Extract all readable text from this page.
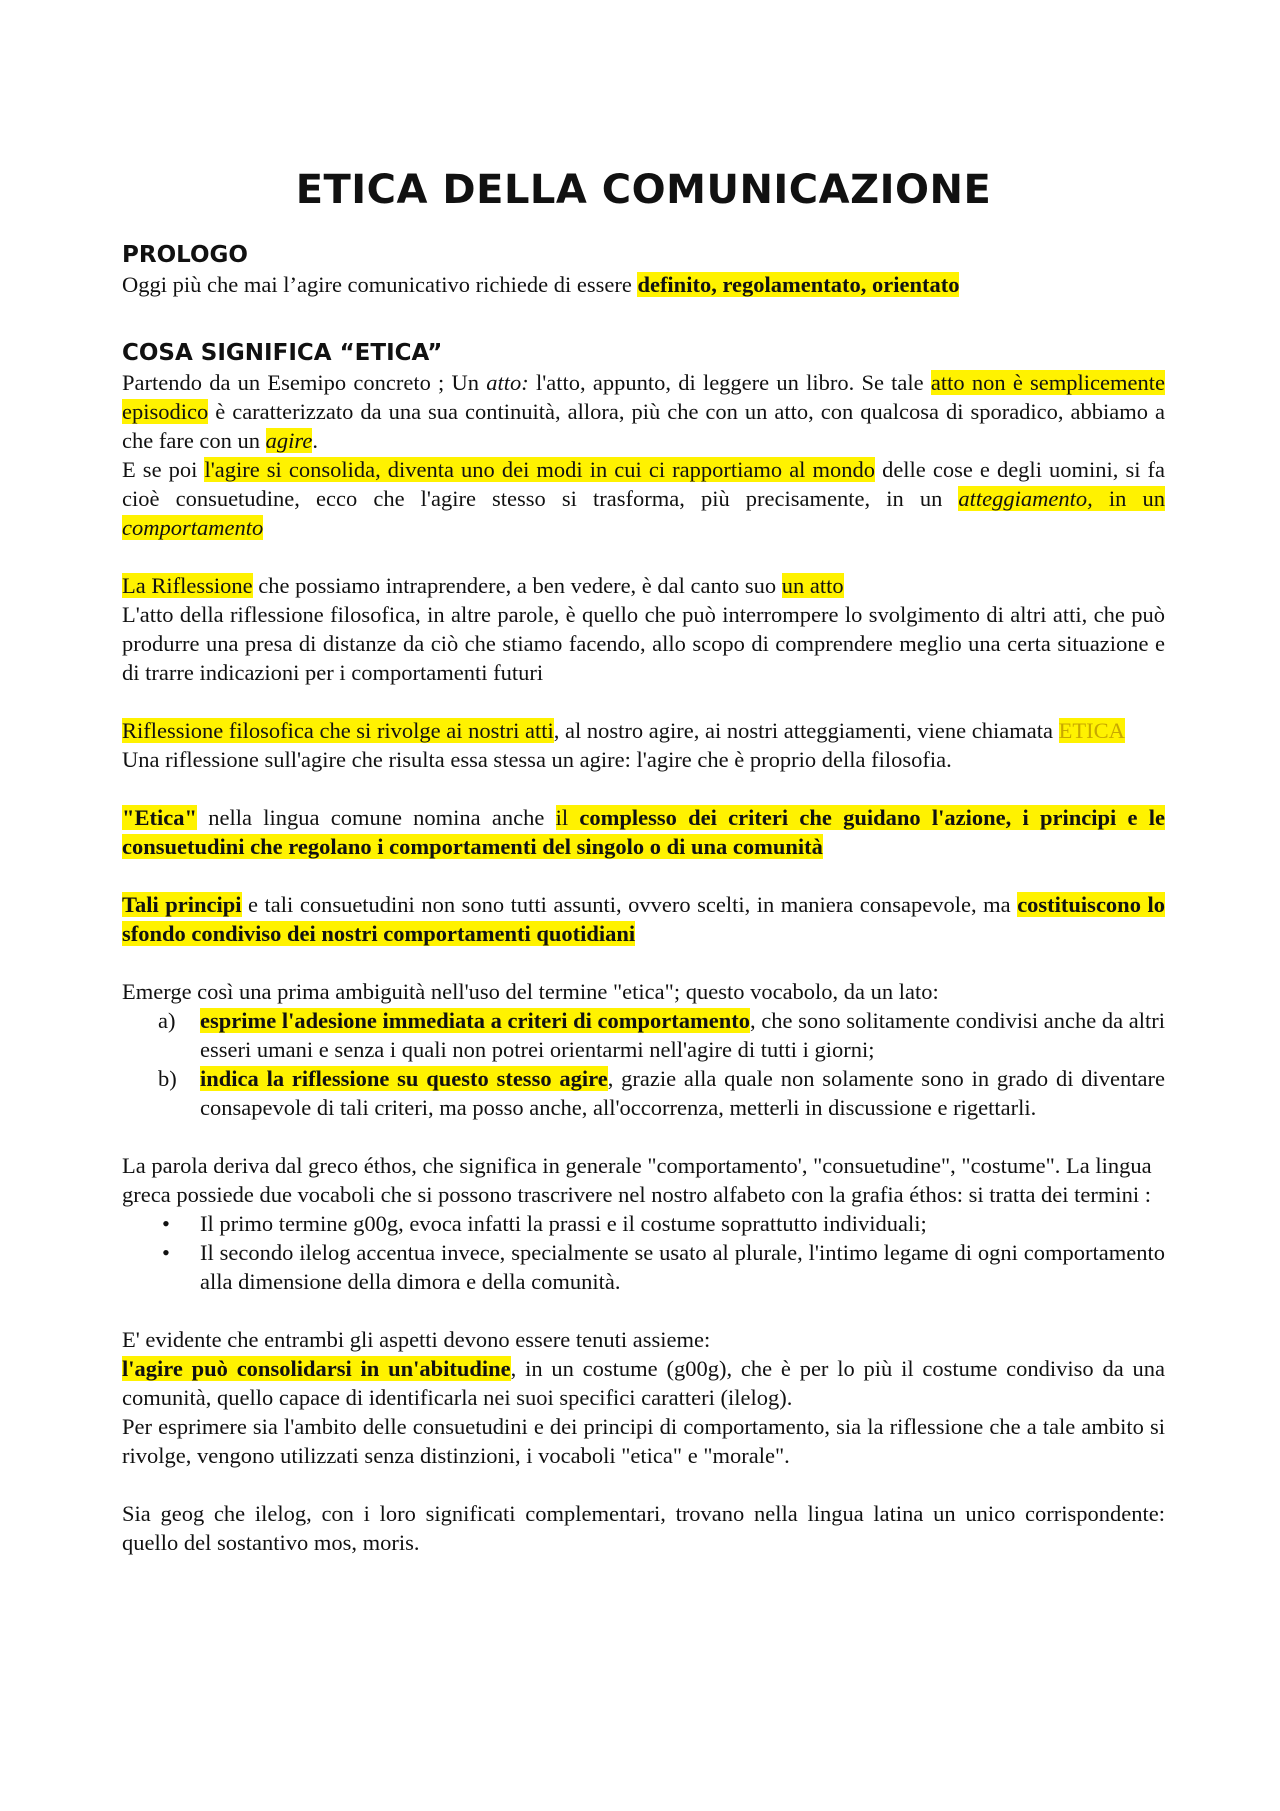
ETICA DELLA COMUNICAZIONE
PROLOGO

Oggi più che mai l’agire comunicativo richiede di essere definito, regolamentato, orientato

COSA SIGNIFICA “ETICA”

Partendo da un Esemipo concreto ; Un atto: l'atto, appunto, di leggere un libro. Se tale atto non è semplicemente episodico è caratterizzato da una sua continuità, allora, più che con un atto, con qualcosa di sporadico, abbiamo a che fare con un agire.

E se poi l'agire si consolida, diventa uno dei modi in cui ci rapportiamo al mondo delle cose e degli uomini, si fa cioè consuetudine, ecco che l'agire stesso si trasforma, più precisamente, in un atteggiamento, in un comportamento

La Riflessione che possiamo intraprendere, a ben vedere, è dal canto suo un atto

L'atto della riflessione filosofica, in altre parole, è quello che può interrompere lo svolgimento di altri atti, che può produrre una presa di distanze da ciò che stiamo facendo, allo scopo di comprendere meglio una certa situazione e di trarre indicazioni per i comportamenti futuri

Riflessione filosofica che si rivolge ai nostri atti, al nostro agire, ai nostri atteggiamenti, viene chiamata ETICA

Una riflessione sull'agire che risulta essa stessa un agire: l'agire che è proprio della filosofia.

"Etica" nella lingua comune nomina anche il complesso dei criteri che guidano l'azione, i principi e le consuetudini che regolano i comportamenti del singolo o di una comunità

Tali principi e tali consuetudini non sono tutti assunti, ovvero scelti, in maniera consapevole, ma costituiscono lo sfondo condiviso dei nostri comportamenti quotidiani

Emerge così una prima ambiguità nell'uso del termine "etica"; questo vocabolo, da un lato:

a) esprime l'adesione immediata a criteri di comportamento, che sono solitamente condivisi anche da altri esseri umani e senza i quali non potrei orientarmi nell'agire di tutti i giorni;
b) indica la riflessione su questo stesso agire, grazie alla quale non solamente sono in grado di diventare consapevole di tali criteri, ma posso anche, all'occorrenza, metterli in discussione e rigettarli.

La parola deriva dal greco éthos, che significa in generale "comportamento', "consuetudine", "costume". La lingua greca possiede due vocaboli che si possono trascrivere nel nostro alfabeto con la grafia éthos: si tratta dei termini :

• Il primo termine g00g, evoca infatti la prassi e il costume soprattutto individuali;
• Il secondo ilelog accentua invece, specialmente se usato al plurale, l'intimo legame di ogni comportamento alla dimensione della dimora e della comunità.

E' evidente che entrambi gli aspetti devono essere tenuti assieme:

l'agire può consolidarsi in un'abitudine, in un costume (g00g), che è per lo più il costume condiviso da una comunità, quello capace di identificarla nei suoi specifici caratteri (ilelog).

Per esprimere sia l'ambito delle consuetudini e dei principi di comportamento, sia la riflessione che a tale ambito si rivolge, vengono utilizzati senza distinzioni, i vocaboli "etica" e "morale".

Sia geog che ilelog, con i loro significati complementari, trovano nella lingua latina un unico corrispondente: quello del sostantivo mos, moris.
